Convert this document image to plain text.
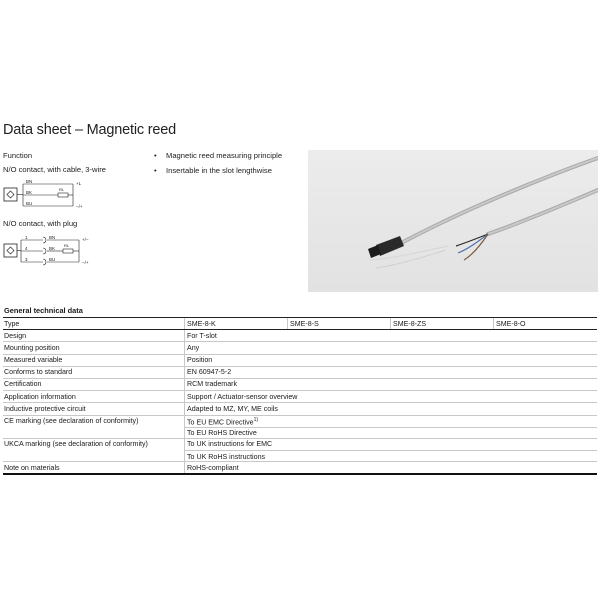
Data sheet – Magnetic reed
Function
N/O contact, with cable, 3-wire
N/O contact, with plug
BN
BK
BU
RL
+L
−/+
1
4
3
BN
BK
BU
RL
+/−
−/+
•	Magnetic reed measuring principle
•	Insertable in the slot lengthwise
General technical data
Type	SME-8-K	SME-8-S	SME-8-ZS	SME-8-O
Design	For T-slot
Mounting position	Any
Measured variable	Position
Conforms to standard	EN 60947-5-2
Certification	RCM trademark
Application information	Support / Actuator-sensor overview
Inductive protective circuit	Adapted to MZ, MY, ME coils
CE marking (see declaration of conformity)	To EU EMC Directive$^{1)}$
To EU RoHS Directive
UKCA marking (see declaration of conformity)	To UK instructions for EMC
To UK RoHS instructions
Note on materials	RoHS-compliant
